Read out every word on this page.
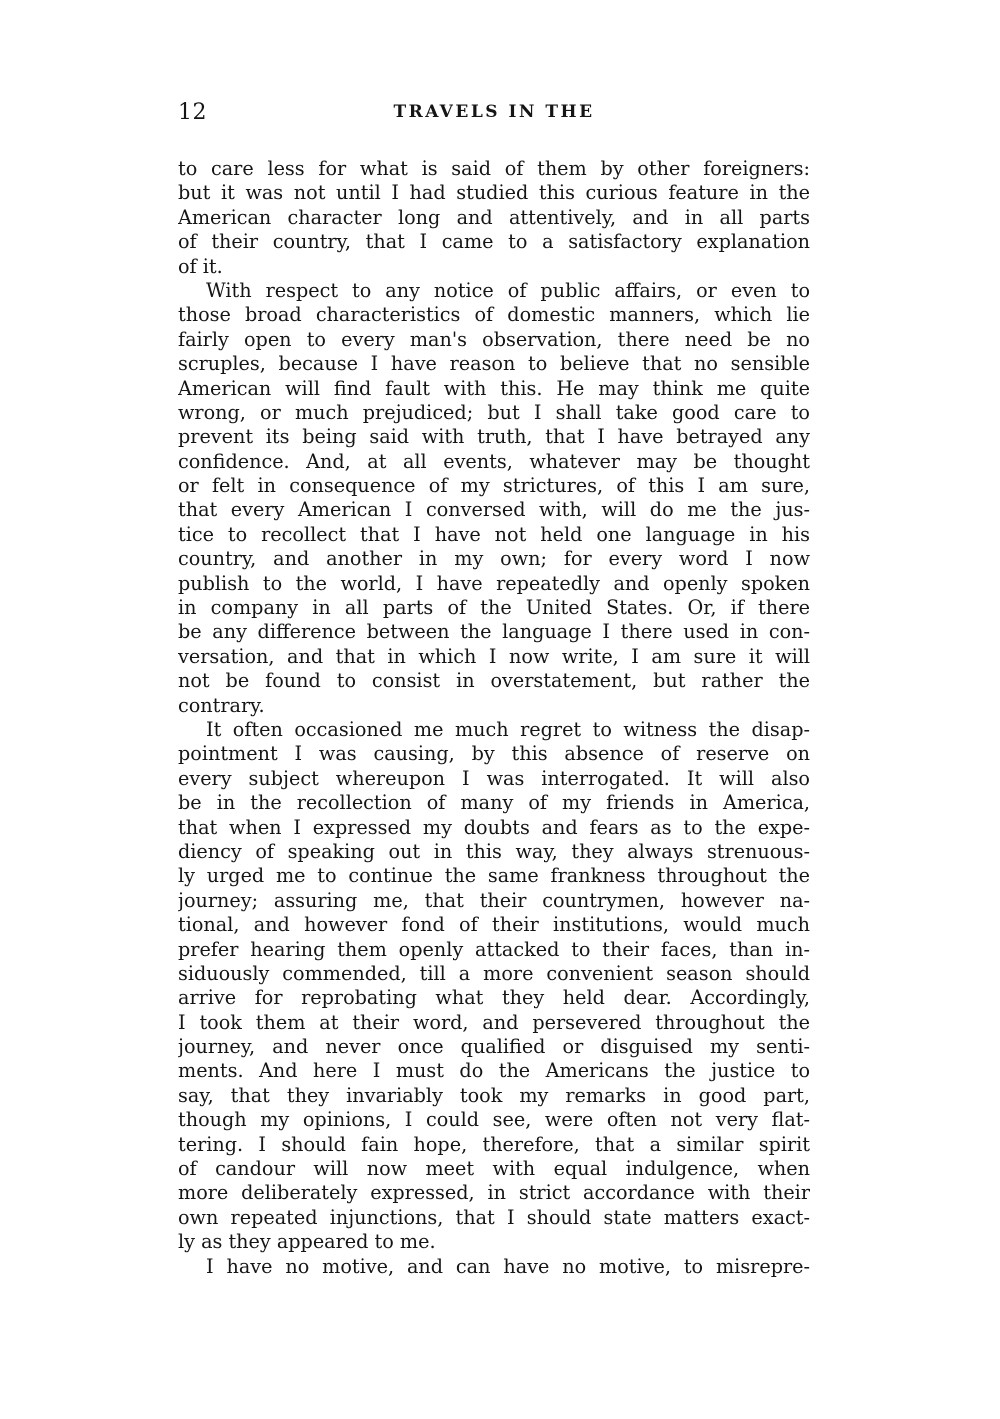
12	TRAVELS IN THE
to care less for what is said of them by other foreigners:
but it was not until I had studied this curious feature in the
American character long and attentively, and in all parts
of their country, that I came to a satisfactory explanation
of it.
With respect to any notice of public affairs, or even to
those broad characteristics of domestic manners, which lie
fairly open to every man's observation, there need be no
scruples, because I have reason to believe that no sensible
American will find fault with this. He may think me quite
wrong, or much prejudiced; but I shall take good care to
prevent its being said with truth, that I have betrayed any
confidence. And, at all events, whatever may be thought
or felt in consequence of my strictures, of this I am sure,
that every American I conversed with, will do me the jus-
tice to recollect that I have not held one language in his
country, and another in my own; for every word I now
publish to the world, I have repeatedly and openly spoken
in company in all parts of the United States. Or, if there
be any difference between the language I there used in con-
versation, and that in which I now write, I am sure it will
not be found to consist in overstatement, but rather the
contrary.
It often occasioned me much regret to witness the disap-
pointment I was causing, by this absence of reserve on
every subject whereupon I was interrogated. It will also
be in the recollection of many of my friends in America,
that when I expressed my doubts and fears as to the expe-
diency of speaking out in this way, they always strenuous-
ly urged me to continue the same frankness throughout the
journey; assuring me, that their countrymen, however na-
tional, and however fond of their institutions, would much
prefer hearing them openly attacked to their faces, than in-
siduously commended, till a more convenient season should
arrive for reprobating what they held dear. Accordingly,
I took them at their word, and persevered throughout the
journey, and never once qualified or disguised my senti-
ments. And here I must do the Americans the justice to
say, that they invariably took my remarks in good part,
though my opinions, I could see, were often not very flat-
tering. I should fain hope, therefore, that a similar spirit
of candour will now meet with equal indulgence, when
more deliberately expressed, in strict accordance with their
own repeated injunctions, that I should state matters exact-
ly as they appeared to me.
I have no motive, and can have no motive, to misrepre-
